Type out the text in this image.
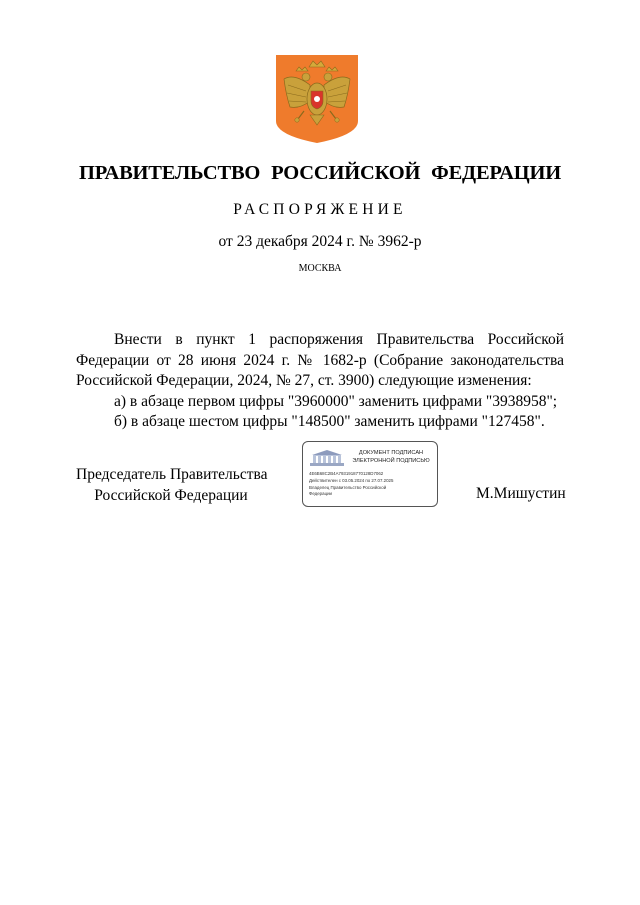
ПРАВИТЕЛЬСТВО РОССИЙСКОЙ ФЕДЕРАЦИИ
РАСПОРЯЖЕНИЕ
от 23 декабря 2024 г. № 3962-р
МОСКВА

Внести в пункт 1 распоряжения Правительства Российской Федерации от 28 июня 2024 г. № 1682-р (Собрание законодательства Российской Федерации, 2024, № 27, ст. 3900) следующие изменения:

а) в абзаце первом цифры "3960000" заменить цифрами "3938958";

б) в абзаце шестом цифры "148500" заменить цифрами "127458".

Председатель Правительства
Российской Федерации
ДОКУМЕНТ ПОДПИСАН
ЭЛЕКТРОННОЙ ПОДПИСЬЮ
4E6B68C2B4A7931918770128D7062
Действителен с 03.05.2024 по 27.07.2025
Владелец Правительство Российской
Федерации	М.Мишустин
